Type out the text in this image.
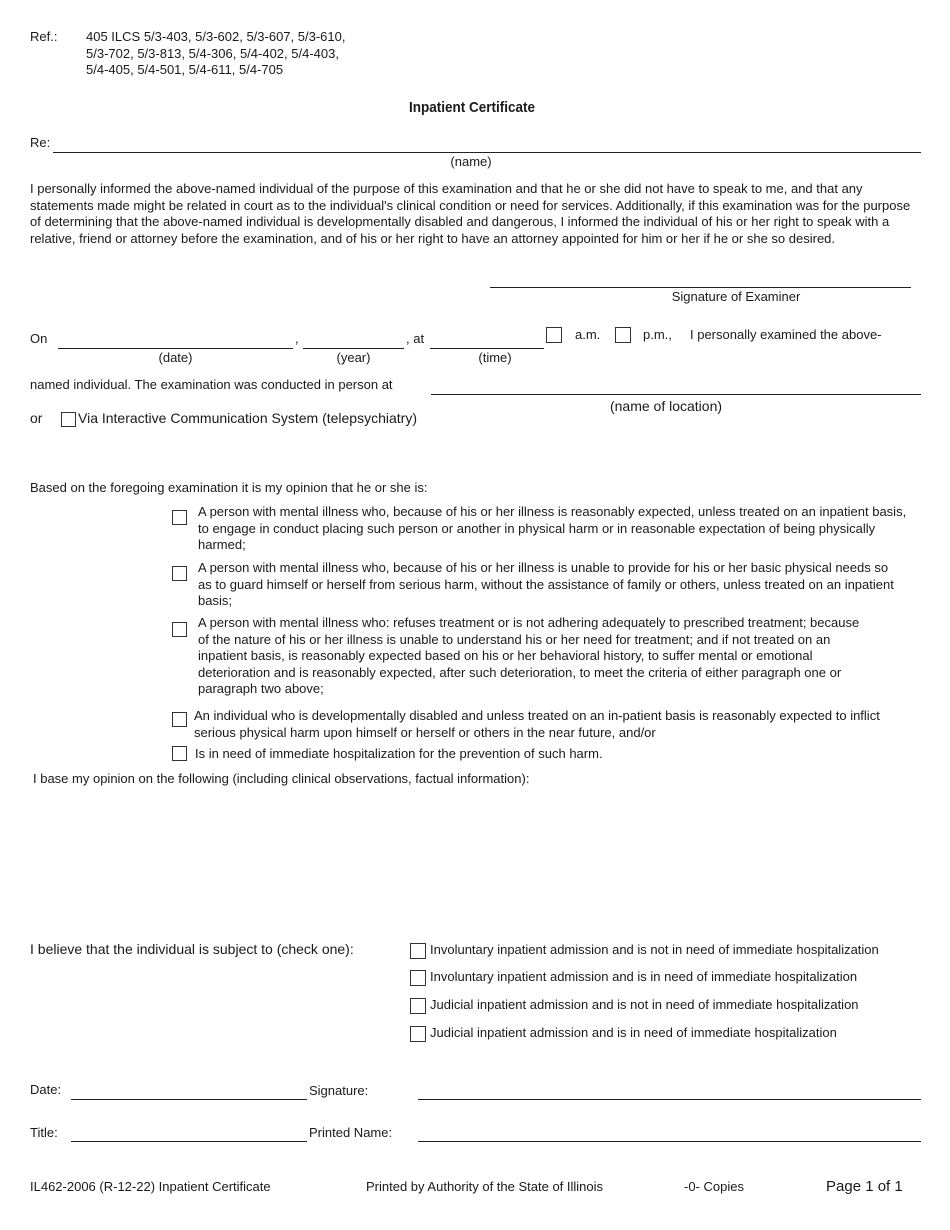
Ref.: 405 ILCS 5/3-403, 5/3-602, 5/3-607, 5/3-610,
5/3-702, 5/3-813, 5/4-306, 5/4-402, 5/4-403,
5/4-405, 5/4-501, 5/4-611, 5/4-705
Inpatient Certificate
Re:
(name)
I personally informed the above-named individual of the purpose of this examination and that he or she did not have to speak to me, and that any statements made might be related in court as to the individual's clinical condition or need for services. Additionally, if this examination was for the purpose of determining that the above-named individual is developmentally disabled and dangerous, I informed the individual of his or her right to speak with a relative, friend or attorney before the examination, and of his or her right to have an attorney appointed for him or her if he or she so desired.
Signature of Examiner
On
(date)
,
(year)
, at
(time)
a.m.	p.m., I personally examined the above-
named individual. The examination was conducted in person at
(name of location)
or	Via Interactive Communication System (telepsychiatry)
Based on the foregoing examination it is my opinion that he or she is:
A person with mental illness who, because of his or her illness is reasonably expected, unless treated on an inpatient basis, to engage in conduct placing such person or another in physical harm or in reasonable expectation of being physically harmed;
A person with mental illness who, because of his or her illness is unable to provide for his or her basic physical needs so as to guard himself or herself from serious harm, without the assistance of family or others, unless treated on an inpatient basis;
A person with mental illness who: refuses treatment or is not adhering adequately to prescribed treatment; because of the nature of his or her illness is unable to understand his or her need for treatment; and if not treated on an inpatient basis, is reasonably expected based on his or her behavioral history, to suffer mental or emotional deterioration and is reasonably expected, after such deterioration, to meet the criteria of either paragraph one or paragraph two above;
An individual who is developmentally disabled and unless treated on an in-patient basis is reasonably expected to inflict serious physical harm upon himself or herself or others in the near future, and/or
Is in need of immediate hospitalization for the prevention of such harm.
I base my opinion on the following (including clinical observations, factual information):
I believe that the individual is subject to (check one):	Involuntary inpatient admission and is not in need of immediate hospitalization
Involuntary inpatient admission and is in need of immediate hospitalization
Judicial inpatient admission and is not in need of immediate hospitalization
Judicial inpatient admission and is in need of immediate hospitalization
Date:	Signature:
Title:	Printed Name:
IL462-2006 (R-12-22) Inpatient Certificate	Printed by Authority of the State of Illinois	-0- Copies	Page 1 of 1
